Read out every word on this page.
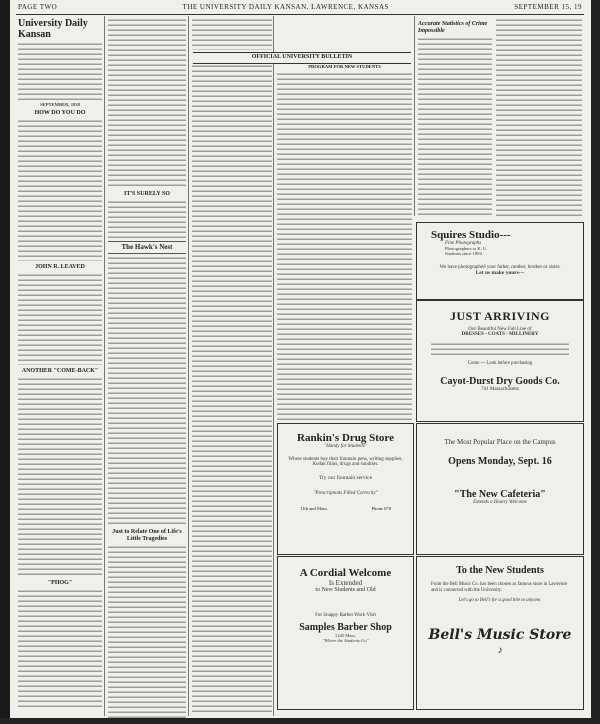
PAGE TWO	THE UNIVERSITY DAILY KANSAN, LAWRENCE, KANSAS	SEPTEMBER 15, 19
University Daily Kansan
SEPTEMBER, 1928
HOW DO YOU DO
JOHN R. LEAVED
ANOTHER "COME-BACK"
"PHOG"
IT'S SURELY SO
The Hawk's Nest
Just to Relate One of Life's Little Tragedies
OFFICIAL UNIVERSITY BULLETIN
PROGRAM FOR NEW STUDENTS
Accurate Statistics of Crime Impossible
Squires Studio---
Fine Photographs
Photographers to K. U.
Students since 1894
We have photographed your father, mother, brother or sister.
Let us make yours---
JUST ARRIVING
Our Beautiful New Fall Line of
DRESSES - COATS - MILLINERY
Come --- Look before purchasing
Cayot-Durst Dry Goods Co.
741 Massachusetts
Rankin's Drug Store
"Handy for Students"
Where students buy their fountain pens, writing supplies, Kodak films, drugs and sundries.
Try our fountain service
"Prescriptions Filled Correctly"
11th and Mass.	Phone 678
The Most Popular Place on the Campus
Opens Monday, Sept. 16
"The New Cafeteria"
Extends a Hearty Welcome
A Cordial Welcome
Is Extended
to New Students and Old
For Snappy Barber Work Visit
Samples Barber Shop
1245 Mass.
"Where the Students Go"
To the New Students
From the Bell Music Co. has been chosen as famous store in Lawrence and is connected with the University.
Let's go to Bell's for a good bite to anyone.
Bell's Music Store
♪
